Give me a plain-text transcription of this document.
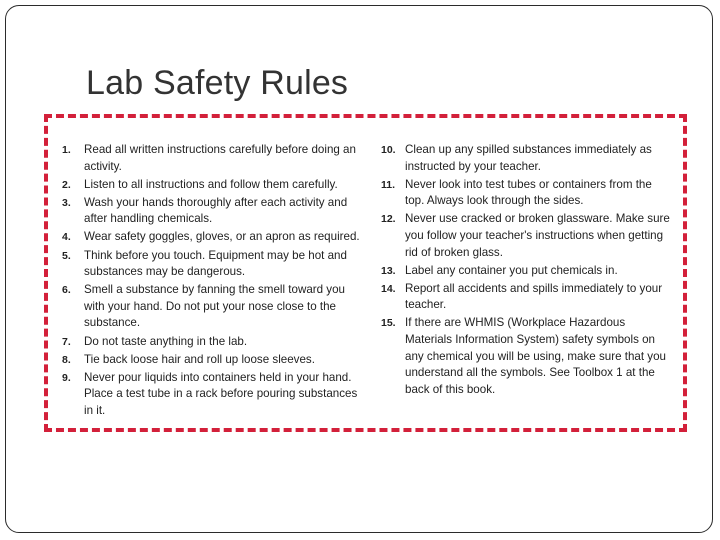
Lab Safety Rules
1.	Read all written instructions carefully before doing an activity.
2.	Listen to all instructions and follow them carefully.
3.	Wash your hands thoroughly after each activity and after handling chemicals.
4.	Wear safety goggles, gloves, or an apron as required.
5.	Think before you touch. Equipment may be hot and substances may be dangerous.
6.	Smell a substance by fanning the smell toward you with your hand. Do not put your nose close to the substance.
7.	Do not taste anything in the lab.
8.	Tie back loose hair and roll up loose sleeves.
9.	Never pour liquids into containers held in your hand. Place a test tube in a rack before pouring substances in it.
10. Clean up any spilled substances immediately as instructed by your teacher.
11. Never look into test tubes or containers from the top. Always look through the sides.
12. Never use cracked or broken glassware. Make sure you follow your teacher's instructions when getting rid of broken glass.
13. Label any container you put chemicals in.
14. Report all accidents and spills immediately to your teacher.
15. If there are WHMIS (Workplace Hazardous Materials Information System) safety symbols on any chemical you will be using, make sure that you understand all the symbols. See Toolbox 1 at the back of this book.
